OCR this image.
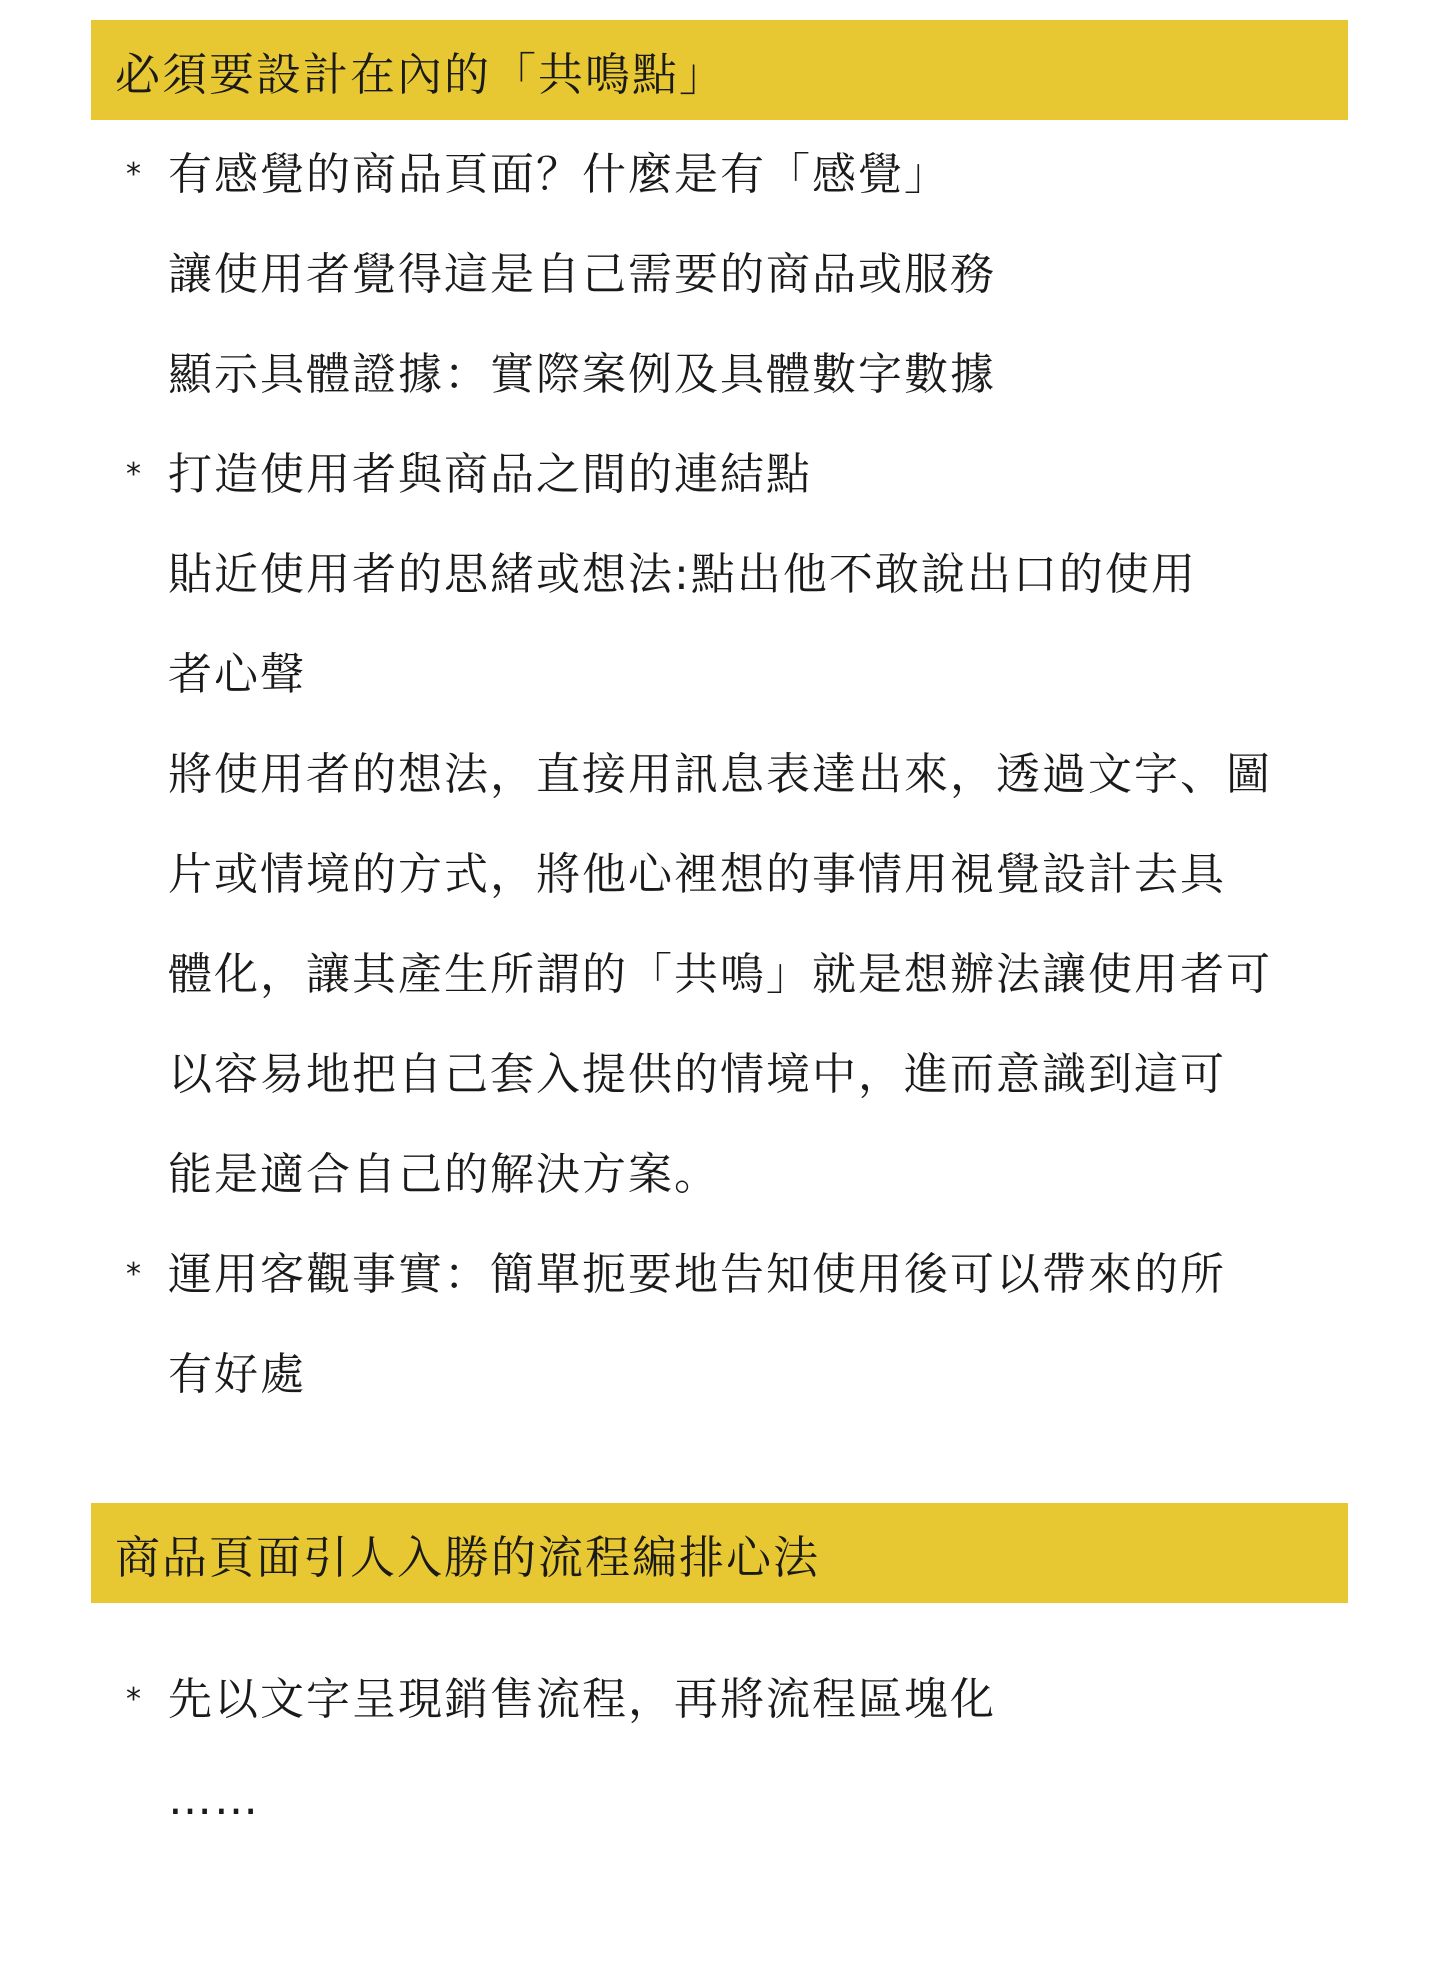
必須要設計在內的「共鳴點」
* 有感覺的商品頁面？什麼是有「感覺」
讓使用者覺得這是自己需要的商品或服務
顯示具體證據：實際案例及具體數字數據
* 打造使用者與商品之間的連結點
貼近使用者的思緒或想法:點出他不敢說出口的使用
者心聲
將使用者的想法，直接用訊息表達出來，透過文字、圖
片或情境的方式，將他心裡想的事情用視覺設計去具
體化，讓其產生所謂的「共鳴」就是想辦法讓使用者可
以容易地把自己套入提供的情境中，進而意識到這可
能是適合自己的解決方案。
* 運用客觀事實：簡單扼要地告知使用後可以帶來的所
有好處
商品頁面引人入勝的流程編排心法
* 先以文字呈現銷售流程，再將流程區塊化
……
